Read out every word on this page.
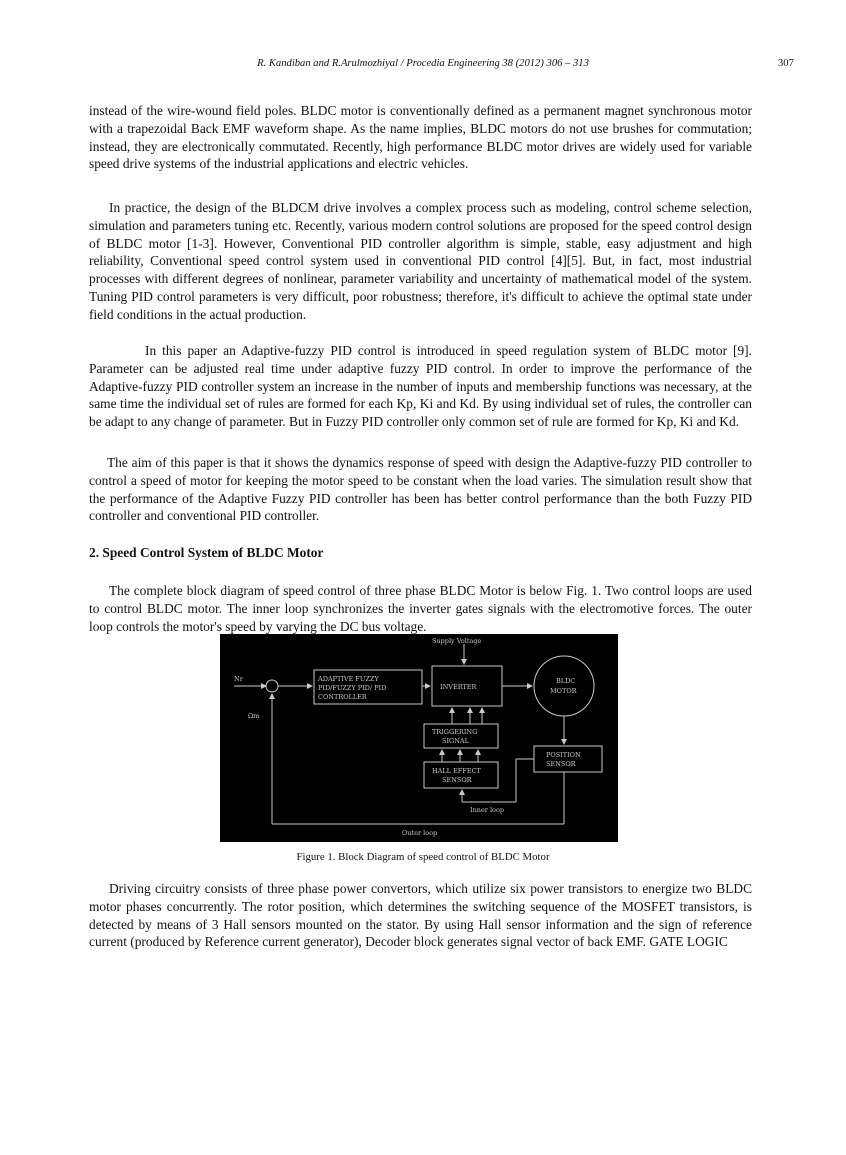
R. Kandiban and R.Arulmozhiyal / Procedia Engineering 38 (2012) 306 – 313	307

instead of the wire-wound field poles. BLDC motor is conventionally defined as a permanent magnet synchronous motor with a trapezoidal Back EMF waveform shape. As the name implies, BLDC motors do not use brushes for commutation; instead, they are electronically commutated. Recently, high performance BLDC motor drives are widely used for variable speed drive systems of the industrial applications and electric vehicles.

In practice, the design of the BLDCM drive involves a complex process such as modeling, control scheme selection, simulation and parameters tuning etc. Recently, various modern control solutions are proposed for the speed control design of BLDC motor [1-3]. However, Conventional PID controller algorithm is simple, stable, easy adjustment and high reliability, Conventional speed control system used in conventional PID control [4][5]. But, in fact, most industrial processes with different degrees of nonlinear, parameter variability and uncertainty of mathematical model of the system. Tuning PID control parameters is very difficult, poor robustness; therefore, it's difficult to achieve the optimal state under field conditions in the actual production.

In this paper an Adaptive-fuzzy PID control is introduced in speed regulation system of BLDC motor [9]. Parameter can be adjusted real time under adaptive fuzzy PID control. In order to improve the performance of the Adaptive-fuzzy PID controller system an increase in the number of inputs and membership functions was necessary, at the same time the individual set of rules are formed for each Kp, Ki and Kd. By using individual set of rules, the controller can be adapt to any change of parameter. But in Fuzzy PID controller only common set of rule are formed for Kp, Ki and Kd.

The aim of this paper is that it shows the dynamics response of speed with design the Adaptive-fuzzy PID controller to control a speed of motor for keeping the motor speed to be constant when the load varies. The simulation result show that the performance of the Adaptive Fuzzy PID controller has been has better control performance than the both Fuzzy PID controller and conventional PID controller.

2. Speed Control System of BLDC Motor

The complete block diagram of speed control of three phase BLDC Motor is below Fig. 1. Two control loops are used to control BLDC motor. The inner loop synchronizes the inverter gates signals with the electromotive forces. The outer loop controls the motor's speed by varying the DC bus voltage.

Supply Voltage
Nr
Ωm
ADAPTIVE FUZZY
PID/FUZZY PID/ PID
CONTROLLER
INVERTER
BLDC
MOTOR
TRIGGERING
SIGNAL
HALL EFFECT
SENSOR
POSITION
SENSOR
Inner loop
Outer loop
Figure 1. Block Diagram of speed control of BLDC Motor

Driving circuitry consists of three phase power convertors, which utilize six power transistors to energize two BLDC motor phases concurrently. The rotor position, which determines the switching sequence of the MOSFET transistors, is detected by means of 3 Hall sensors mounted on the stator. By using Hall sensor information and the sign of reference current (produced by Reference current generator), Decoder block generates signal vector of back EMF. GATE LOGIC
